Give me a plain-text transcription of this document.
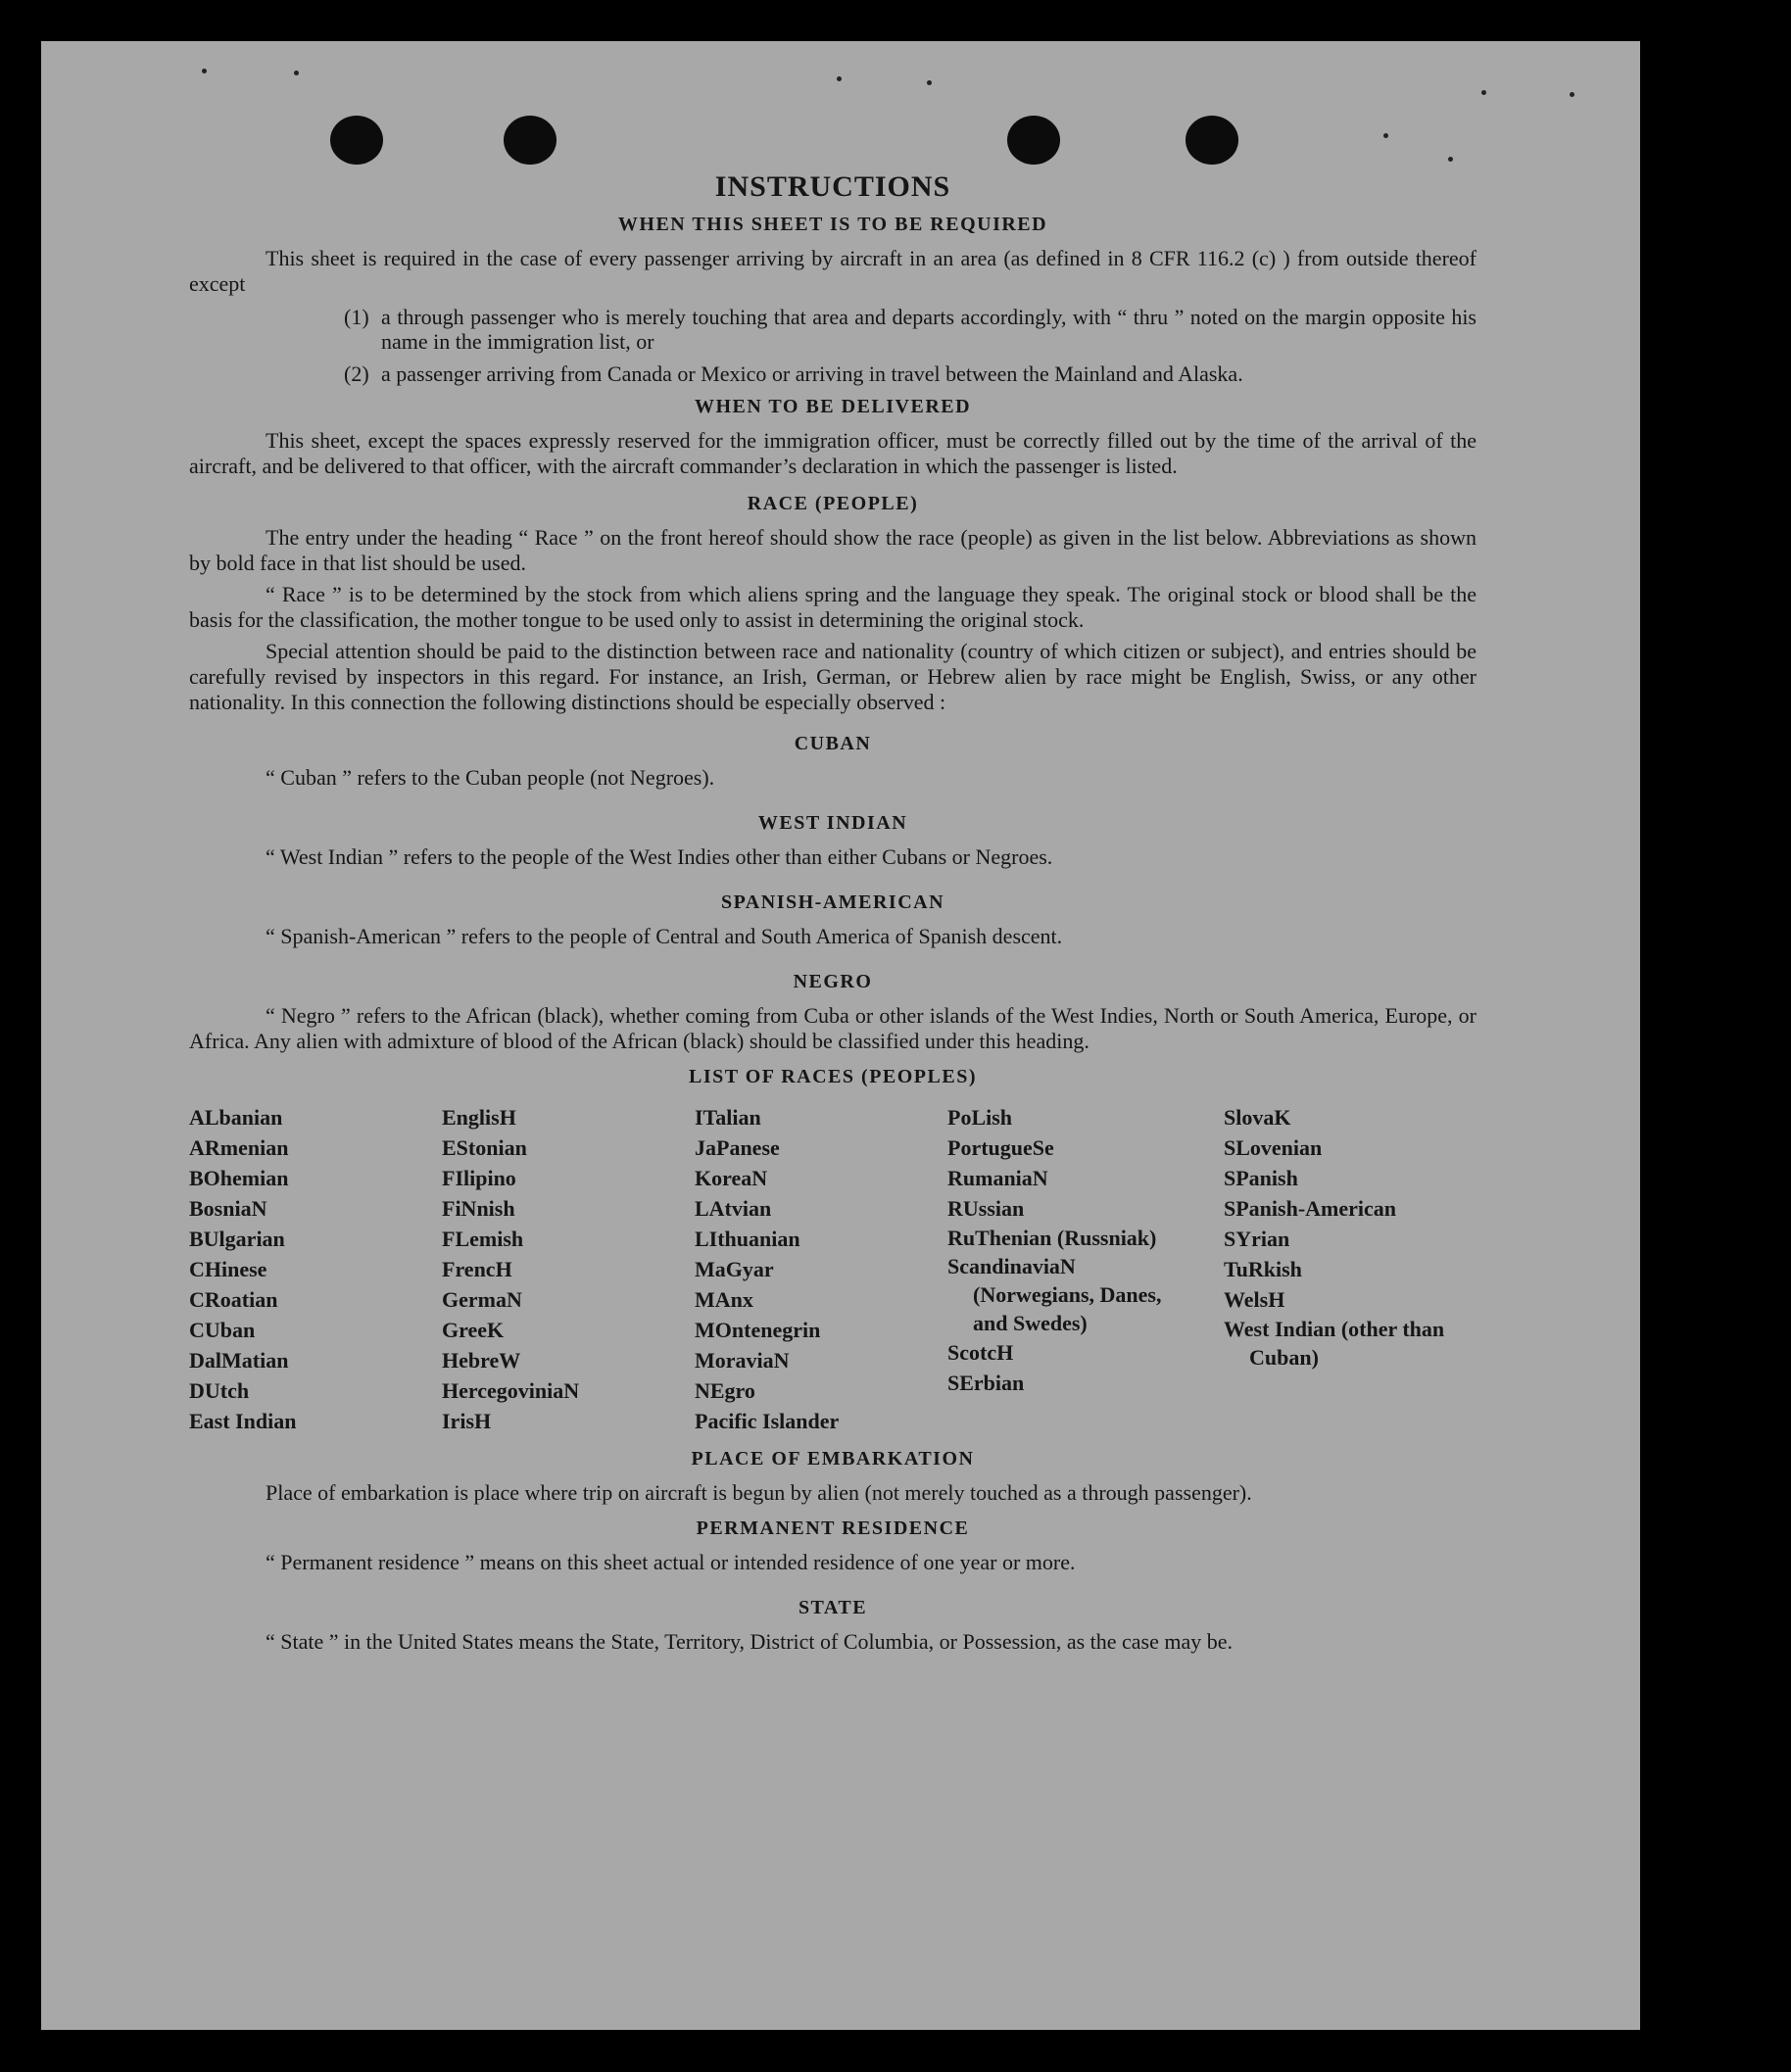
INSTRUCTIONS
WHEN THIS SHEET IS TO BE REQUIRED

This sheet is required in the case of every passenger arriving by aircraft in an area (as defined in 8 CFR 116.2 (c) ) from outside thereof except

(1) a through passenger who is merely touching that area and departs accordingly, with “ thru ” noted on the margin opposite his name in the immigration list, or
(2) a passenger arriving from Canada or Mexico or arriving in travel between the Mainland and Alaska.
WHEN TO BE DELIVERED

This sheet, except the spaces expressly reserved for the immigration officer, must be correctly filled out by the time of the arrival of the aircraft, and be delivered to that officer, with the aircraft commander’s declaration in which the passenger is listed.

RACE (PEOPLE)

The entry under the heading “ Race ” on the front hereof should show the race (people) as given in the list below. Abbreviations as shown by bold face in that list should be used.

“ Race ” is to be determined by the stock from which aliens spring and the language they speak. The original stock or blood shall be the basis for the classification, the mother tongue to be used only to assist in determining the original stock.

Special attention should be paid to the distinction between race and nationality (country of which citizen or subject), and entries should be carefully revised by inspectors in this regard. For instance, an Irish, German, or Hebrew alien by race might be English, Swiss, or any other nationality. In this connection the following distinctions should be especially observed :

CUBAN

“ Cuban ” refers to the Cuban people (not Negroes).

WEST INDIAN

“ West Indian ” refers to the people of the West Indies other than either Cubans or Negroes.

SPANISH-AMERICAN

“ Spanish-American ” refers to the people of Central and South America of Spanish descent.

NEGRO

“ Negro ” refers to the African (black), whether coming from Cuba or other islands of the West Indies, North or South America, Europe, or Africa. Any alien with admixture of blood of the African (black) should be classified under this heading.

LIST OF RACES (PEOPLES)
ALbanian
ARmenian
BOhemian
BosniaN
BUlgarian
CHinese
CRoatian
CUban
DalMatian
DUtch
East Indian
EnglisH
EStonian
FIlipino
FiNnish
FLemish
FrencH
GermaN
GreeK
HebreW
HercegoviniaN
IrisH
ITalian
JaPanese
KoreaN
LAtvian
LIthuanian
MaGyar
MAnx
MOntenegrin
MoraviaN
NEgro
Pacific Islander
PoLish
PortugueSe
RumaniaN
RUssian
RuThenian (Russniak)
ScandinaviaN (Norwegians, Danes, and Swedes)
ScotcH
SErbian
SlovaK
SLovenian
SPanish
SPanish-American
SYrian
TuRkish
WelsH
West Indian (other than Cuban)
PLACE OF EMBARKATION

Place of embarkation is place where trip on aircraft is begun by alien (not merely touched as a through passenger).

PERMANENT RESIDENCE

“ Permanent residence ” means on this sheet actual or intended residence of one year or more.

STATE

“ State ” in the United States means the State, Territory, District of Columbia, or Possession, as the case may be.
